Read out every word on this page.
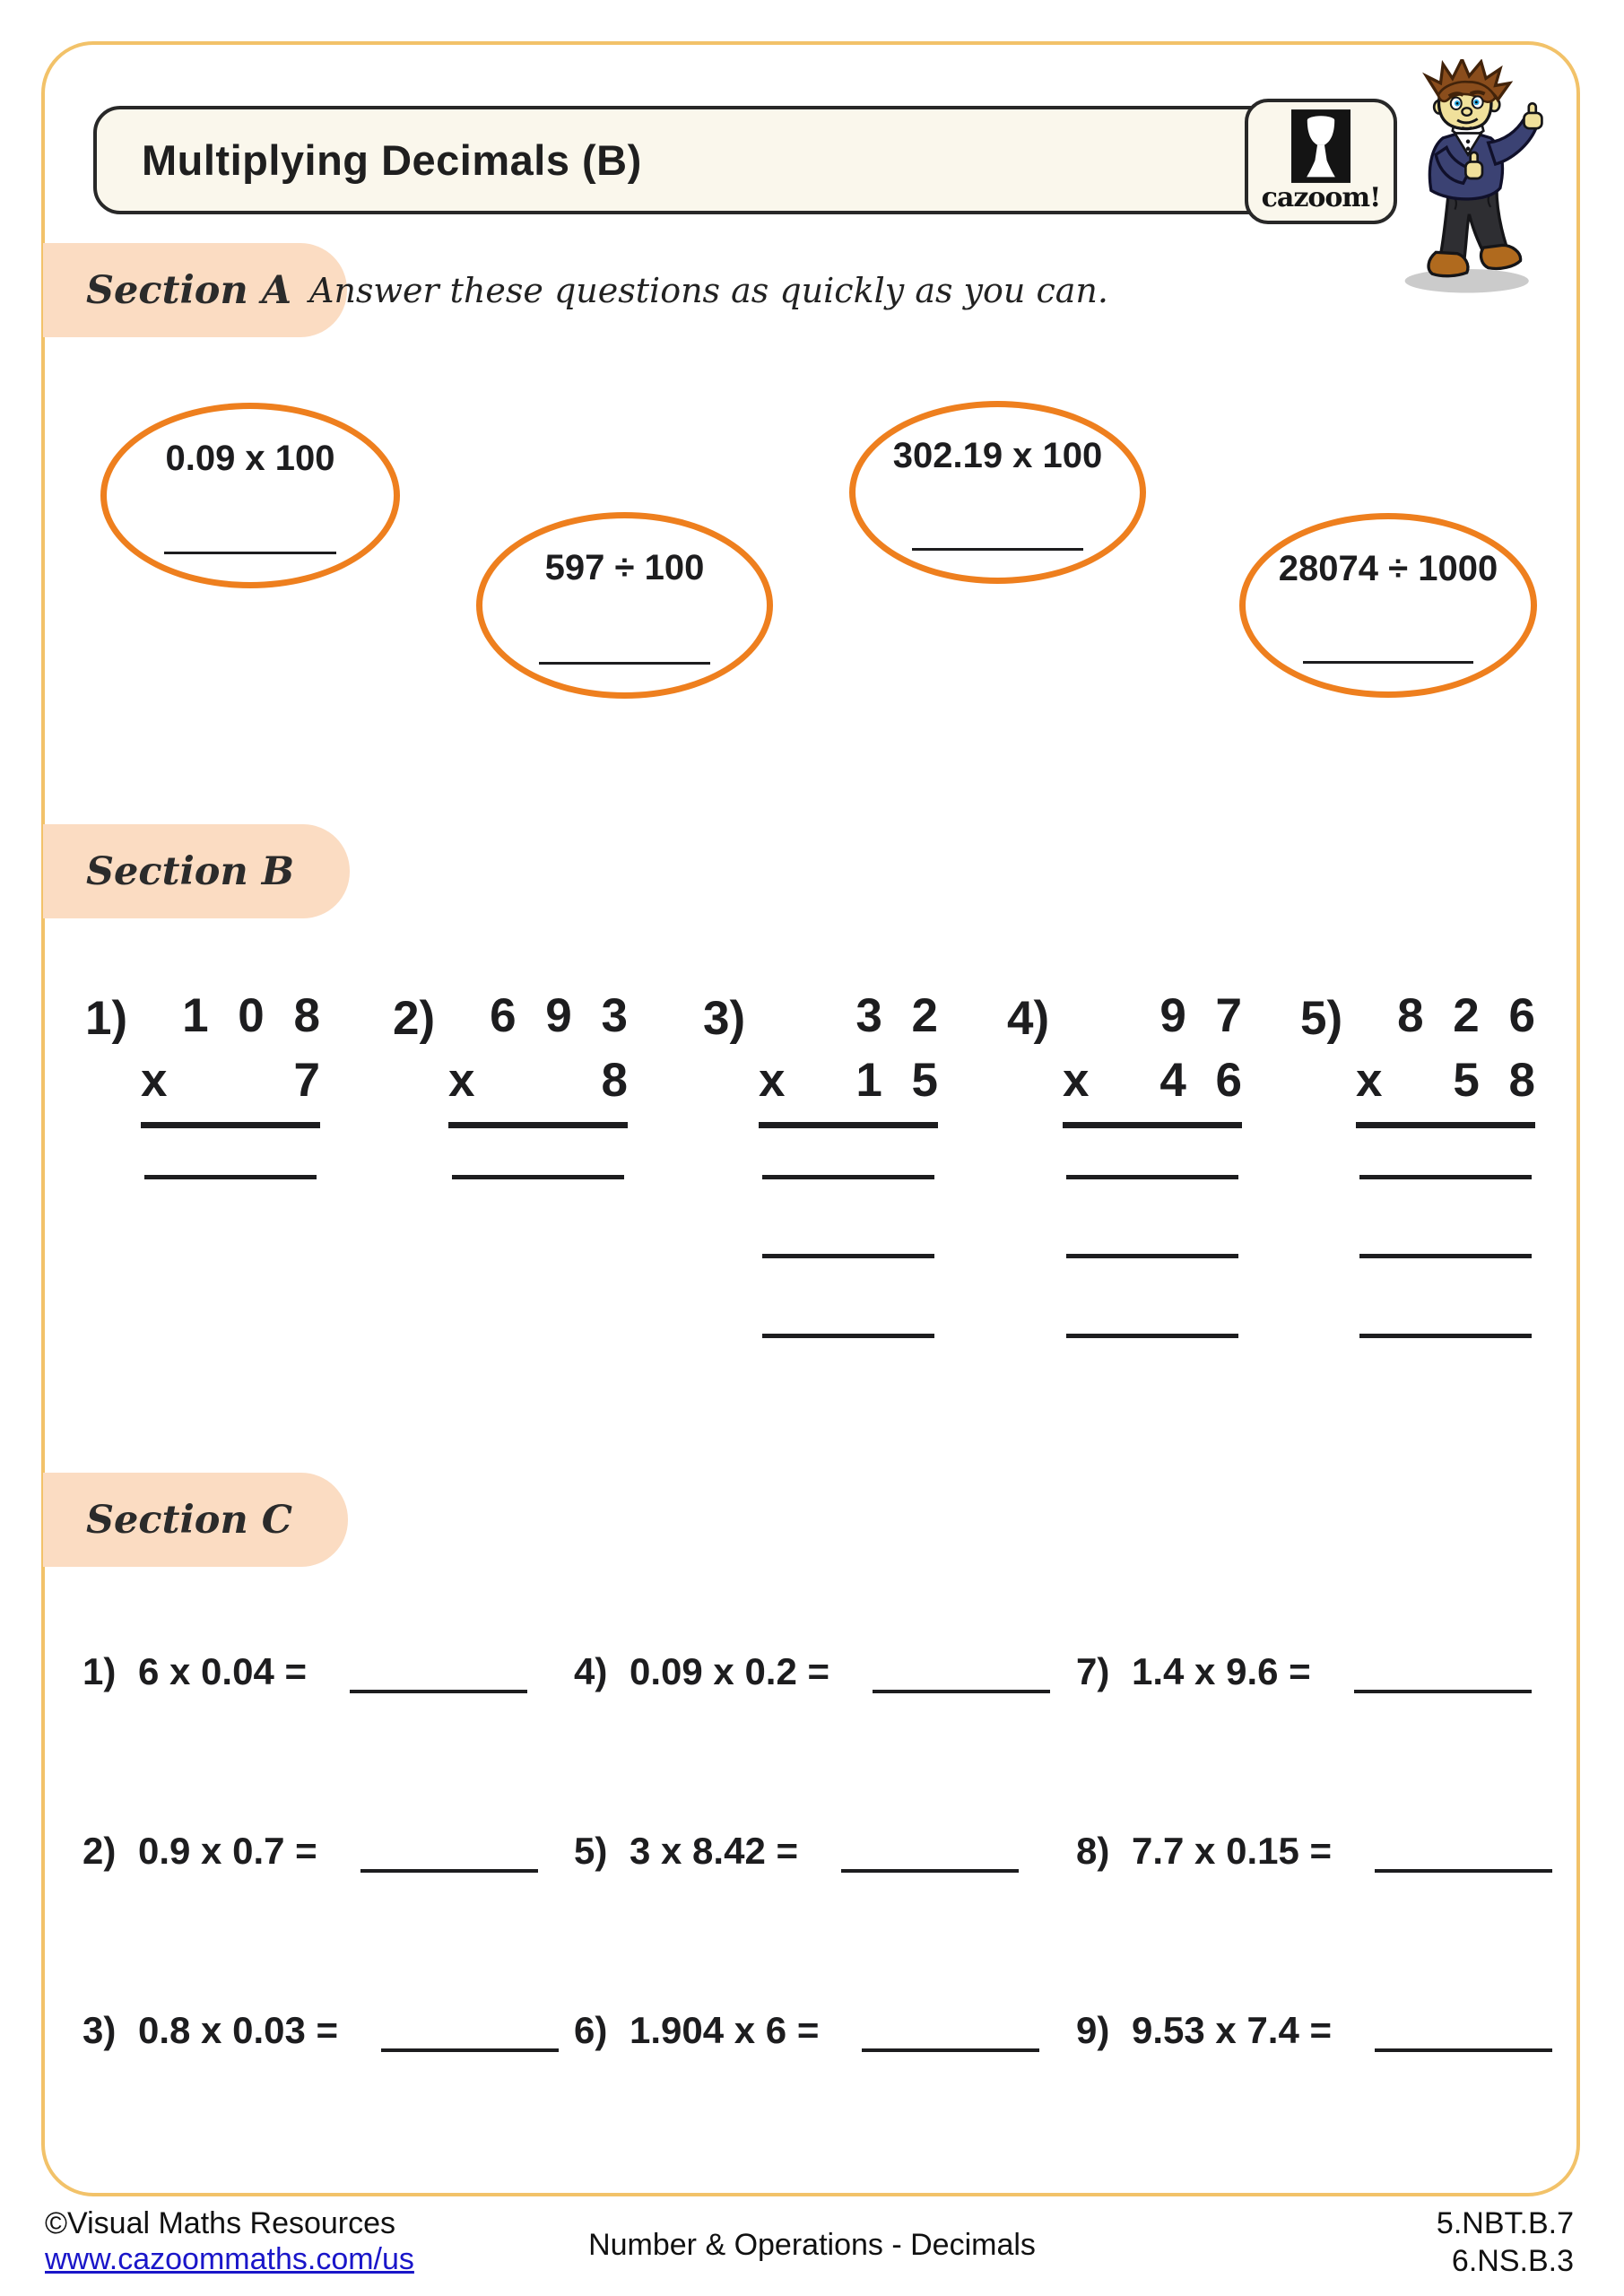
Multiplying Decimals (B)
cazoom!
Section A Answer these questions as quickly as you can.
0.09 x 100
597 ÷ 100
302.19 x 100
28074 ÷ 1000
Section B
1)	1 0 8
x	7
2)	6 9 3
x	8
3)	3 2
x 1 5
4)	9 7
x 4 6
5)	8 2 6
x 5 8
Section C
1) 6 x 0.04 =	4) 0.09 x 0.2 =	7) 1.4 x 9.6 =
2) 0.9 x 0.7 =	5) 3 x 8.42 =	8) 7.7 x 0.15 =
3) 0.8 x 0.03 =	6) 1.904 x 6 =	9) 9.53 x 7.4 =
©Visual Maths Resources
www.cazoommaths.com/us	Number & Operations - Decimals
5.NBT.B.7
6.NS.B.3
